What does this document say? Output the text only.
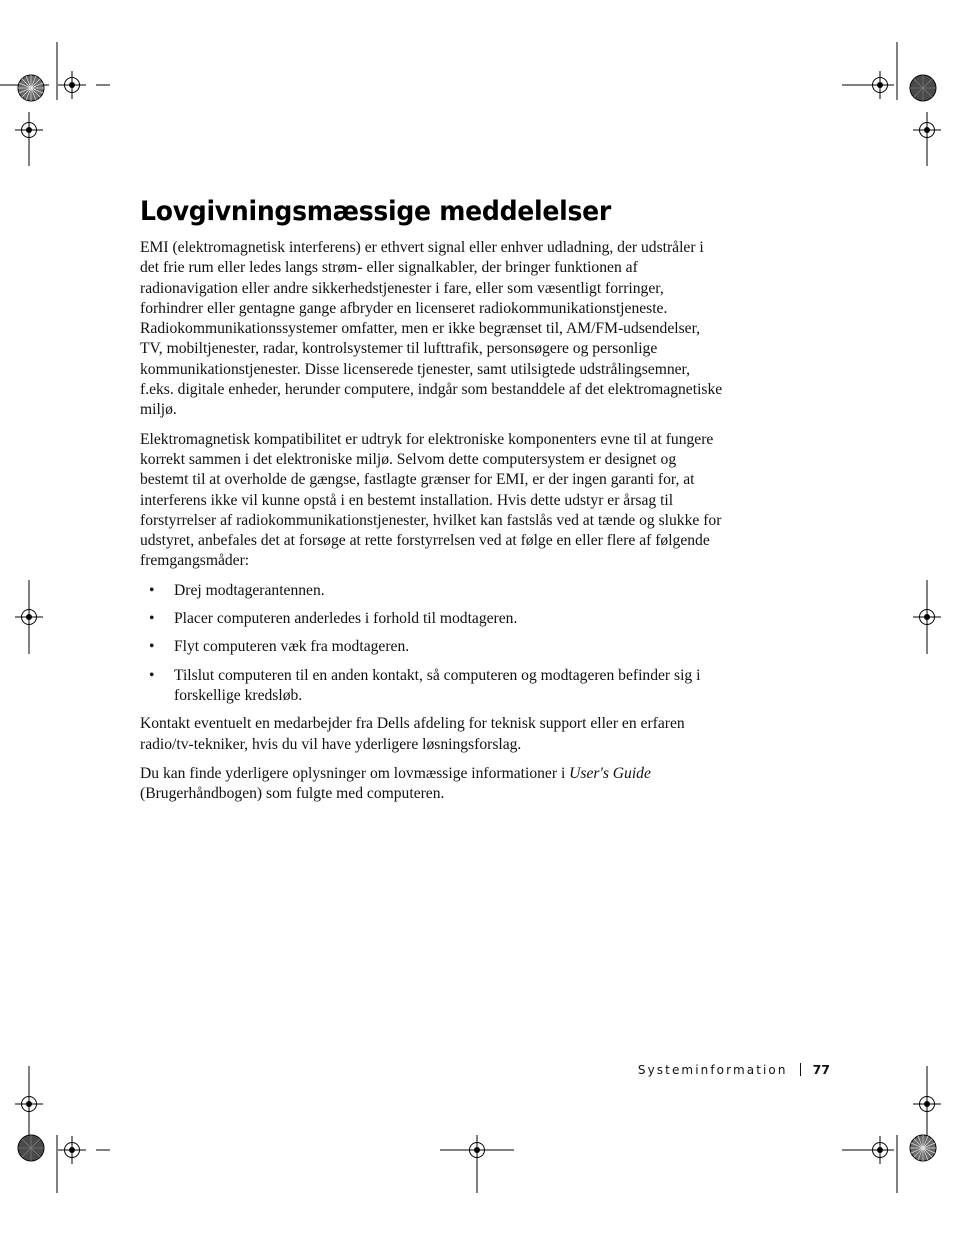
Lovgivningsmæssige meddelelser

EMI (elektromagnetisk interferens) er ethvert signal eller enhver udladning, der udstråler i det frie rum eller ledes langs strøm- eller signalkabler, der bringer funktionen af radionavigation eller andre sikkerhedstjenester i fare, eller som væsentligt forringer, forhindrer eller gentagne gange afbryder en licenseret radiokommunikationstjeneste. Radiokommunikationssystemer omfatter, men er ikke begrænset til, AM/FM-udsendelser, TV, mobiltjenester, radar, kontrolsystemer til lufttrafik, personsøgere og personlige kommunikationstjenester. Disse licenserede tjenester, samt utilsigtede udstrålingsemner, f.eks. digitale enheder, herunder computere, indgår som bestanddele af det elektromagnetiske miljø.

Elektromagnetisk kompatibilitet er udtryk for elektroniske komponenters evne til at fungere korrekt sammen i det elektroniske miljø. Selvom dette computersystem er designet og bestemt til at overholde de gængse, fastlagte grænser for EMI, er der ingen garanti for, at interferens ikke vil kunne opstå i en bestemt installation. Hvis dette udstyr er årsag til forstyrrelser af radiokommunikationstjenester, hvilket kan fastslås ved at tænde og slukke for udstyret, anbefales det at forsøge at rette forstyrrelsen ved at følge en eller flere af følgende fremgangsmåder:

• Drej modtagerantennen.
• Placer computeren anderledes i forhold til modtageren.
• Flyt computeren væk fra modtageren.
• Tilslut computeren til en anden kontakt, så computeren og modtageren befinder sig i forskellige kredsløb.

Kontakt eventuelt en medarbejder fra Dells afdeling for teknisk support eller en erfaren radio/tv-tekniker, hvis du vil have yderligere løsningsforslag.

Du kan finde yderligere oplysninger om lovmæssige informationer i User's Guide (Brugerhåndbogen) som fulgte med computeren.

Systeminformation 77
